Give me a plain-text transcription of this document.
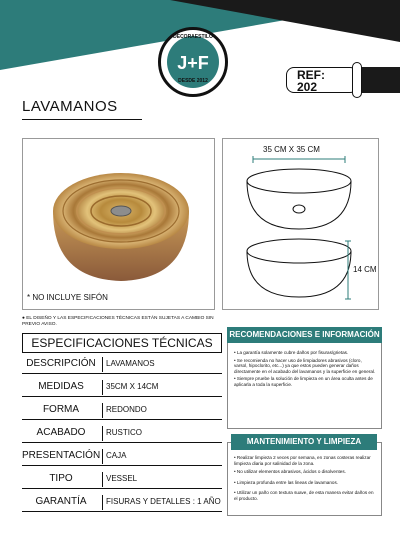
J+F
DECORAESTILO
DESDE 2012	REF:
202
LAVAMANOS
* NO INCLUYE SIFÓN
35 CM X 35 CM
14 CM
● EL DISEÑO Y LAS ESPECIFICACIONES TÉCNICAS ESTÁN SUJETAS A CAMBIO SIN PREVIO AVISO.
ESPECIFICACIONES TÉCNICAS
DESCRIPCIÓN	LAVAMANOS
MEDIDAS	35CM X 14CM
FORMA	REDONDO
ACABADO	RUSTICO
PRESENTACIÓN CAJA
TIPO	VESSEL
GARANTÍA	FISURAS Y DETALLES : 1 AÑO
• La garantía solamente cubre daños por fisuras/grietas.
• Se recomienda no hacer uso de limpiadores abrasivos (cloro, varsol, hipoclorito, etc...) ya que estos pueden generar daños directamente en el acabado del lavamanos y la superficie en general.
• Siempre pruebe la solución de limpieza en un área oculta antes de aplicarla a toda la superficie.
RECOMENDACIONES E INFORMACIÓN
• Realizar limpieza 2 veces por semana, en zonas costeras realizar limpieza diaria por salinidad de la zona.
• No utilizar elementos abrasivos, ácidos o disolventes.
• Limpieza profunda entre las lineas de lavamanos.
• Utilizar un paño con textura suave, de esta manera evitar daños en el producto.
MANTENIMIENTO Y LIMPIEZA
